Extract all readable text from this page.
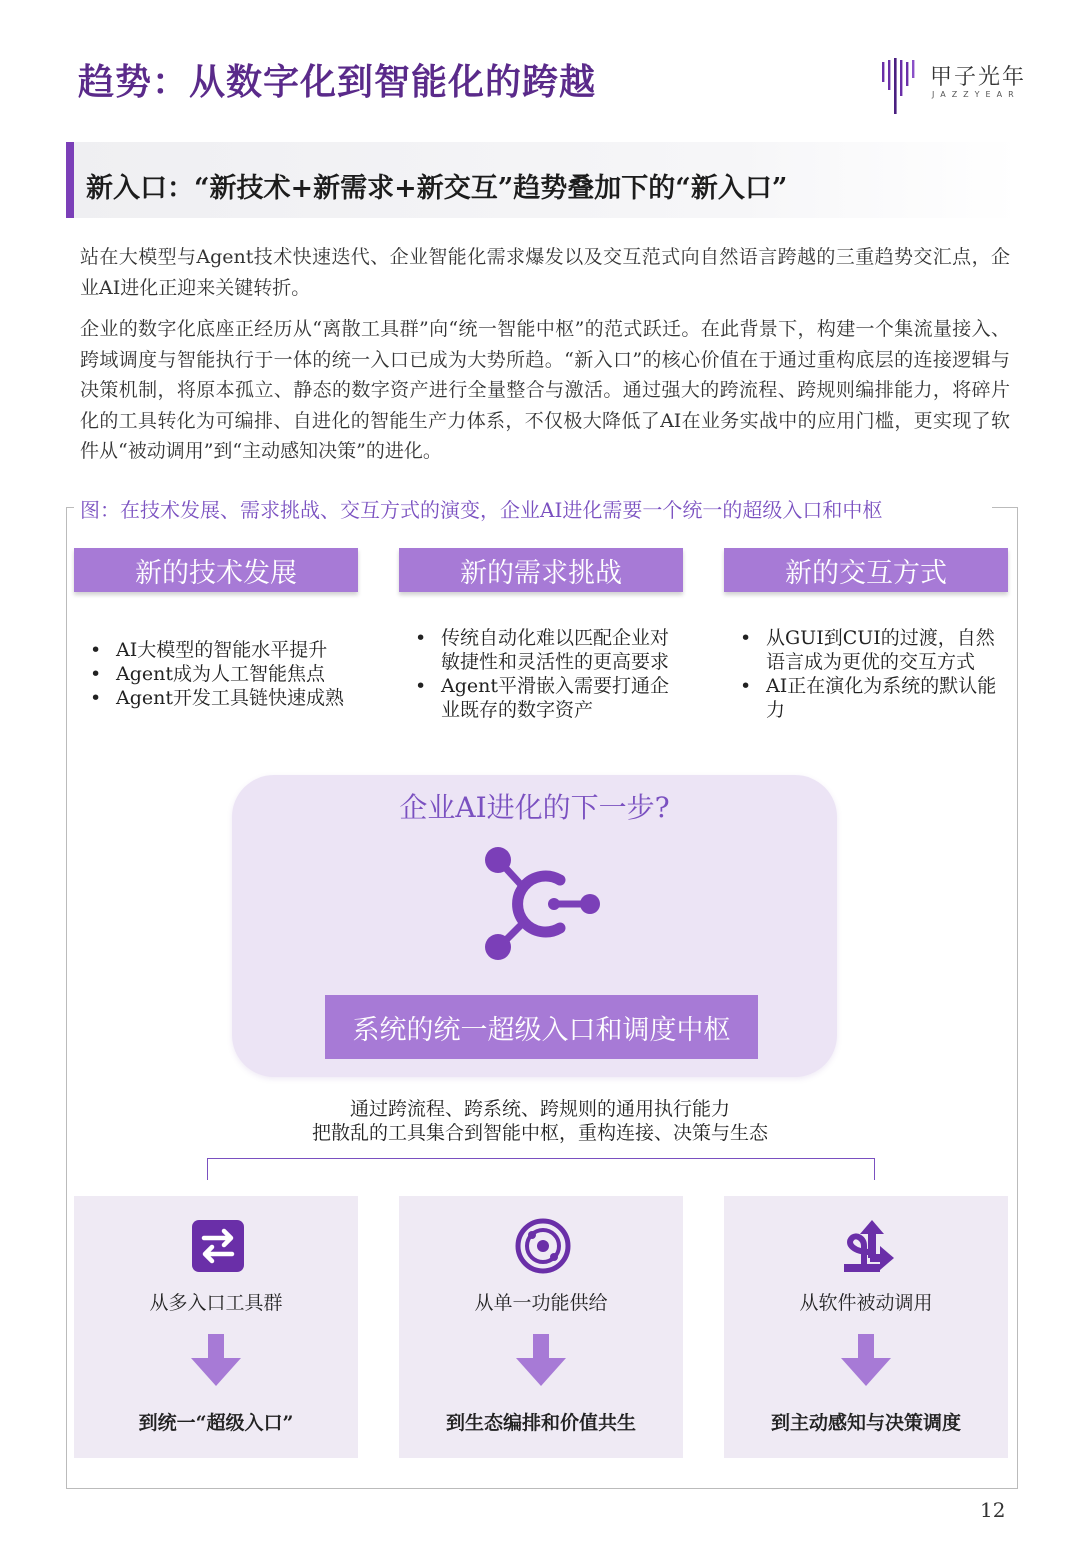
趋势：从数字化到智能化的跨越	甲子光年
JAZZYEAR
新入口：“新技术+新需求+新交互”趋势叠加下的“新入口”
站在大模型与Agent技术快速迭代、企业智能化需求爆发以及交互范式向自然语言跨越的三重趋势交汇点，企业AI进化正迎来关键转折。
企业的数字化底座正经历从“离散工具群”向“统一智能中枢”的范式跃迁。在此背景下，构建一个集流量接入、跨域调度与智能执行于一体的统一入口已成为大势所趋。“新入口”的核心价值在于通过重构底层的连接逻辑与决策机制，将原本孤立、静态的数字资产进行全量整合与激活。通过强大的跨流程、跨规则编排能力，将碎片化的工具转化为可编排、自进化的智能生产力体系，不仅极大降低了AI在业务实战中的应用门槛，更实现了软件从“被动调用”到“主动感知决策”的进化。
图：在技术发展、需求挑战、交互方式的演变，企业AI进化需要一个统一的超级入口和中枢
新的技术发展	新的需求挑战	新的交互方式
• AI大模型的智能水平提升
• Agent成为人工智能焦点
• Agent开发工具链快速成熟
• 传统自动化难以匹配企业对敏捷性和灵活性的更高要求
• Agent平滑嵌入需要打通企业既存的数字资产
• 从GUI到CUI的过渡，自然语言成为更优的交互方式
• AI正在演化为系统的默认能力
企业AI进化的下一步?
系统的统一超级入口和调度中枢
通过跨流程、跨系统、跨规则的通用执行能力
把散乱的工具集合到智能中枢，重构连接、决策与生态
从多入口工具群
到统一“超级入口”
从单一功能供给
到生态编排和价值共生
从软件被动调用
到主动感知与决策调度
12
